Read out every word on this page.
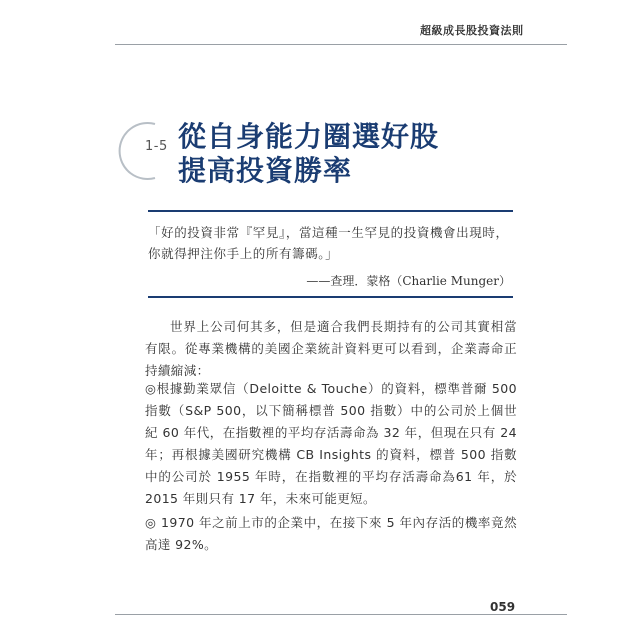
超級成長股投資法則
1-5 從自身能力圈選好股
提高投資勝率
「好的投資非常『罕見』，當這種一生罕見的投資機會出現時，你就得押注你手上的所有籌碼。」
——查理．蒙格（Charlie Munger）
世界上公司何其多，但是適合我們長期持有的公司其實相當有限。從專業機構的美國企業統計資料更可以看到，企業壽命正持續縮減：
◎根據勤業眾信（Deloitte & Touche）的資料，標準普爾 500 指數（S&P 500，以下簡稱標普 500 指數）中的公司於上個世紀 60 年代，在指數裡的平均存活壽命為 32 年，但現在只有 24 年；再根據美國研究機構 CB Insights 的資料，標普 500 指數中的公司於 1955 年時，在指數裡的平均存活壽命為61 年，於 2015 年則只有 17 年，未來可能更短。
◎ 1970 年之前上市的企業中，在接下來 5 年內存活的機率竟然高達 92%。
059
